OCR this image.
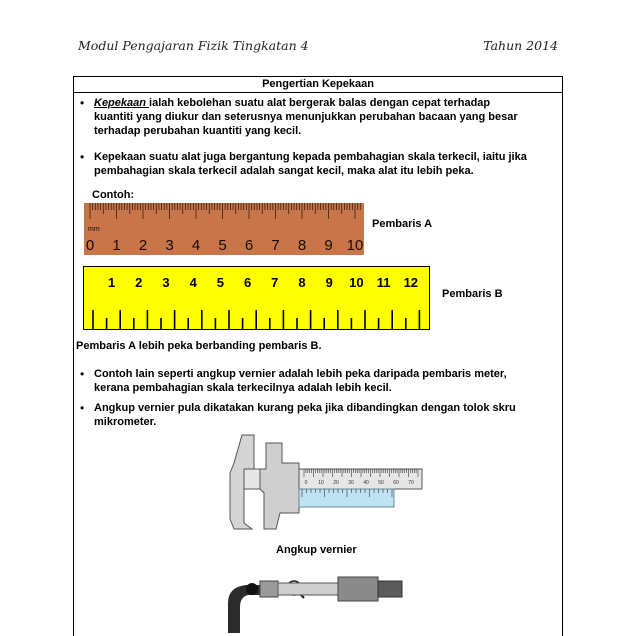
Modul Pengajaran Fizik Tingkatan 4	Tahun 2014
Pengertian Kepekaan
• Kepekaan ialah kebolehan suatu alat bergerak balas dengan cepat terhadap
kuantiti yang diukur dan seterusnya menunjukkan perubahan bacaan yang besar
terhadap perubahan kuantiti yang kecil.
• Kepekaan suatu alat juga bergantung kepada pembahagian skala terkecil, iaitu jika
pembahagian skala terkecil adalah sangat kecil, maka alat itu lebih peka.
Contoh:
mm
0 1 2 3 4 5 6 7 8 9 10
Pembaris A
1 2 3 4 5 6 7 8 9 10 11 12
Pembaris B
Pembaris A lebih peka berbanding pembaris B.
• Contoh lain seperti angkup vernier adalah lebih peka daripada pembaris meter,
kerana pembahagian skala terkecilnya adalah lebih kecil.
• Angkup vernier pula dikatakan kurang peka jika dibandingkan dengan tolok skru
mikrometer.
0 10 20 30 40 50 60 70
Angkup vernier
